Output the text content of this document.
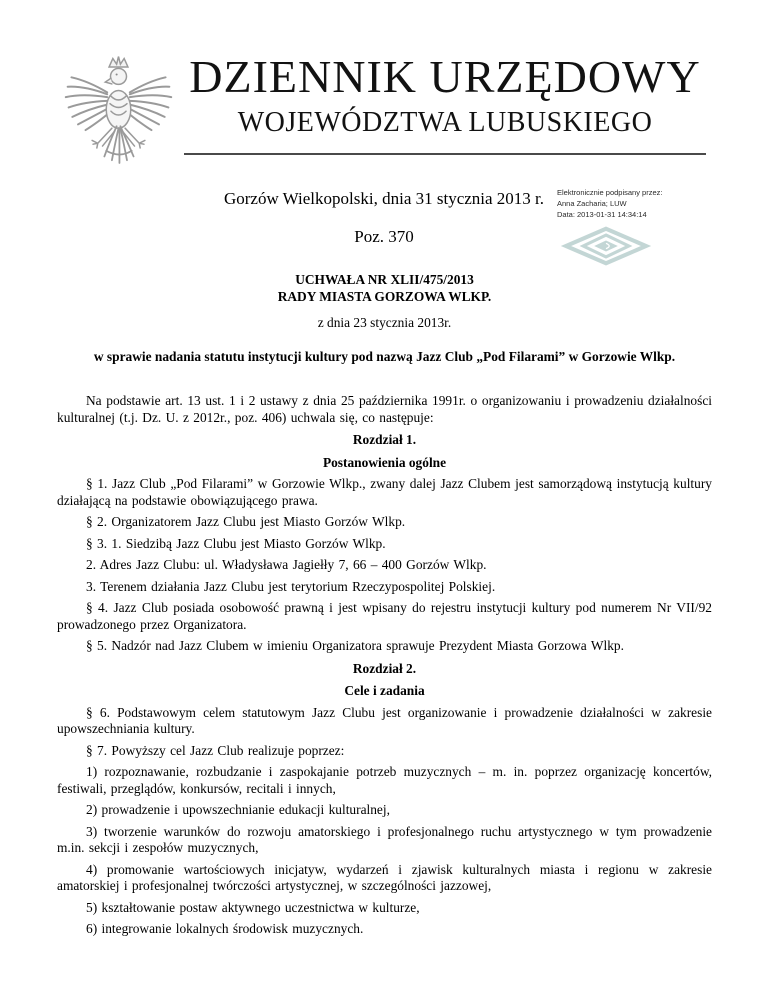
DZIENNIK URZĘDOWY
WOJEWÓDZTWA LUBUSKIEGO
Gorzów Wielkopolski, dnia 31 stycznia 2013 r.
Poz. 370
Elektronicznie podpisany przez:
Anna Zacharia; LUW
Data: 2013-01-31 14:34:14
UCHWAŁA NR XLII/475/2013
RADY MIASTA GORZOWA WLKP.
z dnia 23 stycznia 2013r.
w sprawie nadania statutu instytucji kultury pod nazwą Jazz Club „Pod Filarami” w Gorzowie Wlkp.

Na podstawie art. 13 ust. 1 i 2 ustawy z dnia 25 października 1991r. o organizowaniu i prowadzeniu działalności kulturalnej (t.j. Dz. U. z 2012r., poz. 406) uchwala się, co następuje:

Rozdział 1.
Postanowienia ogólne

§ 1. Jazz Club „Pod Filarami” w Gorzowie Wlkp., zwany dalej Jazz Clubem jest samorządową instytucją kultury działającą na podstawie obowiązującego prawa.

§ 2. Organizatorem Jazz Clubu jest Miasto Gorzów Wlkp.

§ 3. 1. Siedzibą Jazz Clubu jest Miasto Gorzów Wlkp.

2. Adres Jazz Clubu: ul. Władysława Jagiełły 7, 66 – 400 Gorzów Wlkp.

3. Terenem działania Jazz Clubu jest terytorium Rzeczypospolitej Polskiej.

§ 4. Jazz Club posiada osobowość prawną i jest wpisany do rejestru instytucji kultury pod numerem Nr VII/92 prowadzonego przez Organizatora.

§ 5. Nadzór nad Jazz Clubem w imieniu Organizatora sprawuje Prezydent Miasta Gorzowa Wlkp.

Rozdział 2.
Cele i zadania

§ 6. Podstawowym celem statutowym Jazz Clubu jest organizowanie i prowadzenie działalności w zakresie upowszechniania kultury.

§ 7. Powyższy cel Jazz Club realizuje poprzez:

1) rozpoznawanie, rozbudzanie i zaspokajanie potrzeb muzycznych – m. in. poprzez organizację koncertów, festiwali, przeglądów, konkursów, recitali i innych,

2) prowadzenie i upowszechnianie edukacji kulturalnej,

3) tworzenie warunków do rozwoju amatorskiego i profesjonalnego ruchu artystycznego w tym prowadzenie m.in. sekcji i zespołów muzycznych,

4) promowanie wartościowych inicjatyw, wydarzeń i zjawisk kulturalnych miasta i regionu w zakresie amatorskiej i profesjonalnej twórczości artystycznej, w szczególności jazzowej,

5) kształtowanie postaw aktywnego uczestnictwa w kulturze,

6) integrowanie lokalnych środowisk muzycznych.
